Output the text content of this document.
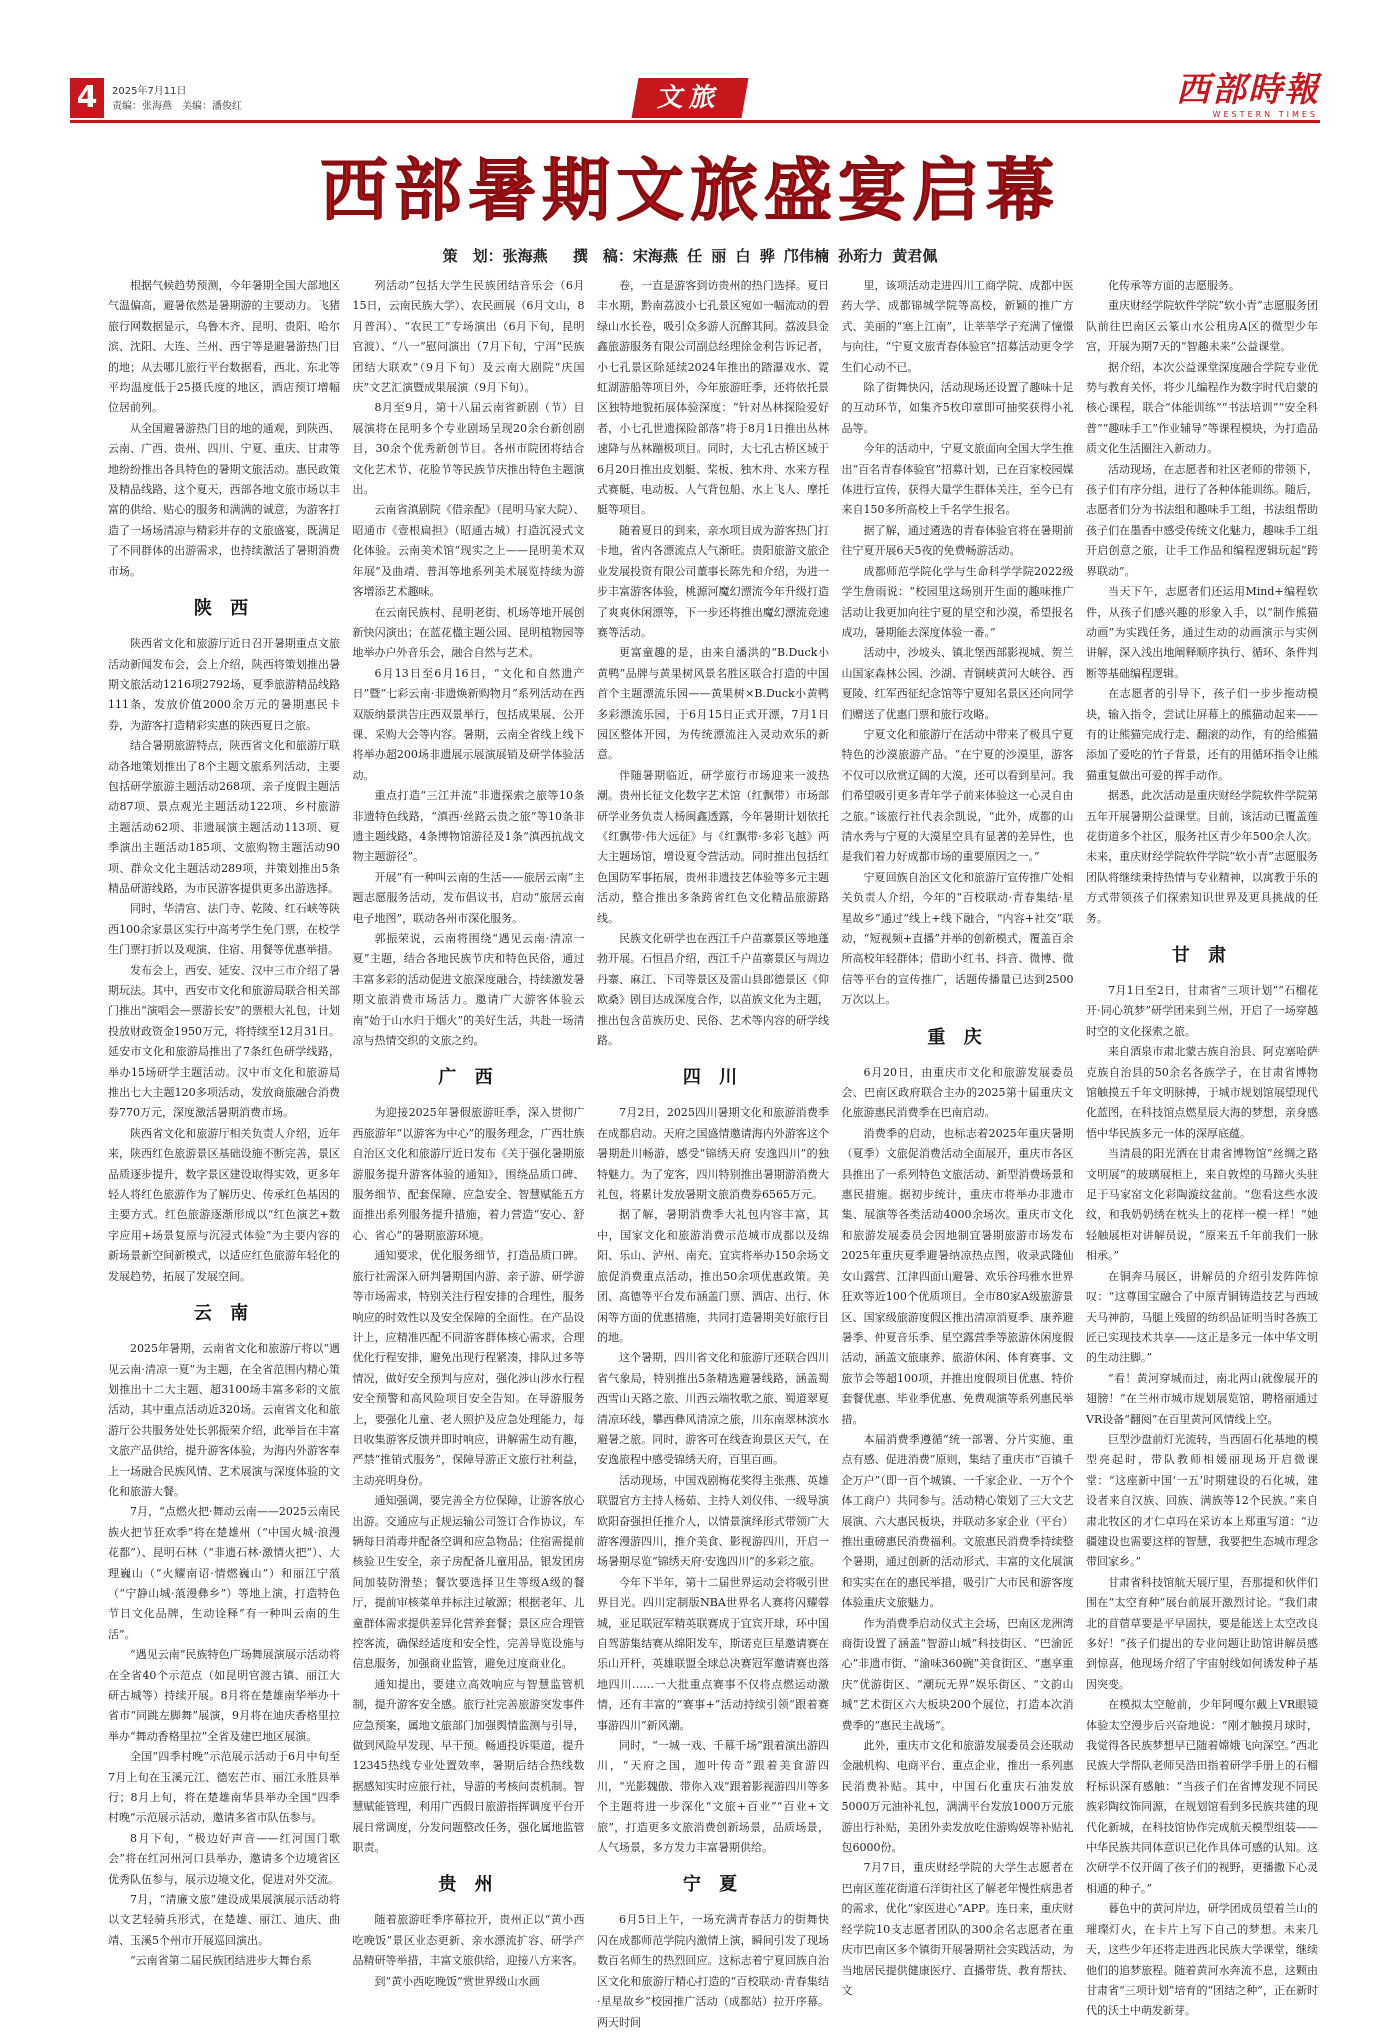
4	2025年7月11日
责编：张海燕　美编：潘俊红	文旅	西部時報
WESTERN TIMES
西部暑期文旅盛宴启幕
策　划：张海燕 撰　稿：宋海燕 任 丽 白 骅 邝伟楠 孙珩力 黄君佩

根据气候趋势预测，今年暑期全国大部地区气温偏高，避暑依然是暑期游的主要动力。飞猪旅行网数据显示，乌鲁木齐、昆明、贵阳、哈尔滨、沈阳、大连、兰州、西宁等是避暑游热门目的地；从去哪儿旅行平台数据看，西北、东北等平均温度低于25摄氏度的地区，酒店预订增幅位居前列。

从全国避暑游热门目的地的通观，到陕西、云南、广西、贵州、四川、宁夏、重庆、甘肃等地纷纷推出各具特色的暑期文旅活动。惠民政策及精品线路，这个夏天，西部各地文旅市场以丰富的供给、贴心的服务和满满的诚意，为游客打造了一场场清凉与精彩并存的文旅盛宴，既满足了不同群体的出游需求，也持续激活了暑期消费市场。

陕 西

陕西省文化和旅游厅近日召开暑期重点文旅活动新闻发布会，会上介绍，陕西将策划推出暑期文旅活动1216项2792场，夏季旅游精品线路111条，发放价值2000余万元的暑期惠民卡券，为游客打造精彩实惠的陕西夏日之旅。

结合暑期旅游特点，陕西省文化和旅游厅联动各地策划推出了8个主题文旅系列活动，主要包括研学旅游主题活动268项、亲子度假主题活动87项、景点观光主题活动122项、乡村旅游主题活动62项、非遗展演主题活动113项、夏季演出主题活动185项、文旅购物主题活动90项、群众文化主题活动289项，并策划推出5条精品研游线路，为市民游客提供更多出游选择。

同时，华清宫、法门寺、乾陵、红石峡等陕西100余家景区实行中高考学生免门票，在校学生门票打折以及观演、住宿、用餐等优惠举措。

发布会上，西安、延安、汉中三市介绍了暑期玩法。其中，西安市文化和旅游局联合相关部门推出“演唱会—票游长安”的票根大礼包，计划投放财政资金1950万元，将持续至12月31日。延安市文化和旅游局推出了7条红色研学线路，举办15场研学主题活动。汉中市文化和旅游局推出七大主题120多项活动，发放商旅融合消费券770万元，深度激活暑期消费市场。

陕西省文化和旅游厅相关负责人介绍，近年来，陕西红色旅游景区基础设施不断完善，景区品质逐步提升，数字景区建设取得实效，更多年轻人将红色旅游作为了解历史、传承红色基因的主要方式。红色旅游逐渐形成以“红色演艺+数字应用+场景复原与沉浸式体验”为主要内容的新场景新空间新模式，以适应红色旅游年轻化的发展趋势，拓展了发展空间。

云 南

2025年暑期，云南省文化和旅游厅将以“遇见云南·清凉一夏”为主题，在全省范围内精心策划推出十二大主题、超3100场丰富多彩的文旅活动，其中重点活动近320场。云南省文化和旅游厅公共服务处处长郭振荣介绍，此举旨在丰富文旅产品供给，提升游客体验，为海内外游客奉上一场融合民族风情、艺术展演与深度体验的文化和旅游大餐。

7月，“点燃火把·舞动云南——2025云南民族火把节狂欢季”将在楚雄州（“中国火城·浪漫花都”）、昆明石林（“非遗石林·激情火把”）、大理巍山（“火耀南诏·情燃巍山”）和丽江宁蒗（“宁静山城·蒗漫彝乡”）等地上演，打造特色节日文化品牌，生动诠释“有一种叫云南的生活”。

“遇见云南”民族特色广场舞展演展示活动将在全省40个示范点（如昆明官渡古镇、丽江大研古城等）持续开展。8月将在楚雄南华举办十省市“同跳左脚舞”展演，9月将在迪庆香格里拉举办“舞动香格里拉”全省及建巴地区展演。

全国“四季村晚”示范展示活动于6月中旬至7月上旬在玉溪元江、德宏芒市、丽江永胜县举行；8月上旬，将在楚雄南华县举办全国“四季村晚”示范展示活动，邀请多省市队伍参与。

8月下旬，“极边好声音——红河国门歌会”将在红河州河口县举办，邀请多个边境省区优秀队伍参与，展示边境文化，促进对外交流。

7月，“清廉文旅”建设成果展演展示活动将以文艺轻骑兵形式，在楚雄、丽江、迪庆、曲靖、玉溪5个州市开展巡回演出。

“云南省第二届民族团结进步大舞台系

列活动”包括大学生民族团结音乐会（6月15日，云南民族大学）、农民画展（6月文山，8月普洱）、“农民工”专场演出（6月下旬，昆明官渡）、“八一”慰问演出（7月下旬，宁洱“民族团结大联欢”（9月下旬）及云南大剧院“庆国庆”文艺汇演暨成果展演（9月下旬）。

8月至9月，第十八届云南省新剧（节）目展演将在昆明多个专业剧场呈现20余台新创剧目，30余个优秀新创节目。各州市院团将结合文化艺术节、花脸节等民族节庆推出特色主题演出。

云南省滇剧院《借亲配》（昆明马家大院）、昭通市《壹根扁担》（昭通古城）打造沉浸式文化体验。云南美术馆“现实之上——昆明美术双年展”及曲靖、普洱等地系列美术展览持续为游客增添艺术趣味。

在云南民族村、昆明老街、机场等地开展创新快闪演出；在蓝花楹主题公园、昆明植物园等地举办户外音乐会，融合自然与艺术。

6月13日至6月16日，“文化和自然遗产日”暨“七彩云南·非遗焕新购物月”系列活动在西双版纳景洪告庄西双景举行，包括成果展、公开课、采购大会等内容。暑期，云南全省线上线下将举办超200场非遗展示展演展销及研学体验活动。

重点打造“三江并流”非遗探索之旅等10条非遗特色线路，“滇西·丝路云贵之旅”等10条非遗主题线路，4条博物馆游径及1条“滇西抗战文物主题游径”。

开展“有一种叫云南的生活——旅居云南”主题志愿服务活动，发布倡议书，启动“旅居云南电子地图”，联动各州市深化服务。

郭振荣说，云南将围绕“遇见云南·清凉一夏”主题，结合各地民族节庆和特色民俗，通过丰富多彩的活动促进文旅深度融合，持续激发暑期文旅消费市场活力。邀请广大游客体验云南“始于山水归于烟火”的美好生活，共赴一场清凉与热情交织的文旅之约。

广 西

为迎接2025年暑假旅游旺季，深入贯彻广西旅游年“以游客为中心”的服务理念，广西壮族自治区文化和旅游厅近日发布《关于强化暑期旅游服务提升游客体验的通知》，围绕品质口碑、服务细节、配套保障、应急安全、智慧赋能五方面推出系列服务提升措施，着力营造“安心、舒心、省心”的暑期旅游环境。

通知要求，优化服务细节，打造品质口碑。旅行社需深入研判暑期国内游、亲子游、研学游等市场需求，特别关注行程安排的合理性，服务响应的时效性以及安全保障的全面性。在产品设计上，应精准匹配不同游客群体核心需求，合理优化行程安排，避免出现行程紧凑，排队过多等情况，做好安全预判与应对，强化涉山涉水行程安全预警和高风险项目安全告知。在导游服务上，要强化儿童、老人照护及应急处理能力，每日收集游客反馈并即时响应，讲解需生动有趣，严禁“推销式服务”，保障导游正文旅行社利益，主动亮明身份。

通知强调，要完善全方位保障，让游客放心出游。交通应与正规运输公司签订合作协议，车辆每日消毒并配备空调和应急物品；住宿需提前核验卫生安全，亲子房配备儿童用品，银发团房间加装防滑垫；餐饮要选择卫生等级A级的餐厅，提前审核菜单并标注过敏源；根据老年、儿童群体需求提供差异化营养套餐；景区应合理管控客流，确保经适度和安全性，完善导览设施与信息服务，加强商业监管，避免过度商业化。

通知提出，要建立高效响应与智慧监管机制，提升游客安全感。旅行社完善旅游突发事件应急预案，属地文旅部门加强舆情监测与引导，做到风险早发现、早干预。畅通投诉渠道，提升12345热线专业处置效率，暑期后结合热线数据感知实时应旅行社，导游的考核问责机制。智慧赋能管理，利用广西假日旅游指挥调度平台开展日常调度，分发问题整改任务，强化属地监管职责。

贵 州

随着旅游旺季序幕拉开，贵州正以“黄小西吃晚饭”景区业态更新、亲水漂流扩容、研学产品精研等举措，丰富文旅供给，迎接八方来客。

到“黄小西吃晚饭”赏世界级山水画

卷，一直是游客到访贵州的热门选择。夏日丰水期，黔南荔波小七孔景区宛如一幅流动的碧绿山水长卷，吸引众多游人沉醉其间。荔波县金鑫旅游服务有限公司副总经理徐金利告诉记者，小七孔景区除延续2024年推出的踏瀑戏水、霓虹湖游船等项目外，今年旅游旺季，还将依托景区独特地貌拓展体验深度：“针对丛林探险爱好者，小七孔世遗探险部落”将于8月1日推出丛林速降与丛林蹦极项目。同时，大七孔古桥区域于6月20日推出皮划艇、桨板、独木舟、水来方程式赛艇、电动板、人气背包船、水上飞人、摩托艇等项目。

随着夏日的到来，亲水项目成为游客热门打卡地，省内各漂流点人气渐旺。贵阳旅游文旅企业发展投资有限公司董事长陈先和介绍，为进一步丰富游客体验，桃源河魔幻漂流今年升级打造了爽爽休闲漂等，下一步还将推出魔幻漂流竞速赛等活动。

更富童趣的是，由来自潘洪的“B.Duck小黄鸭”品牌与黄果树风景名胜区联合打造的中国首个主题漂流乐园——黄果树×B.Duck小黄鸭多彩漂流乐园，于6月15日正式开漂，7月1日园区整体开园，为传统漂流注入灵动欢乐的新意。

伴随暑期临近，研学旅行市场迎来一波热潮。贵州长征文化数字艺术馆（红飘带）市场部研学业务负责人杨闽鑫透露，今年暑期计划依托《红飘带·伟大远征》与《红飘带·多彩飞越》两大主题场馆，增设夏令营活动。同时推出包括红色国防军事拓展，贵州非遗技艺体验等多元主题活动，整合推出多条跨省红色文化精品旅游路线。

民族文化研学也在西江千户苗寨景区等地蓬勃开展。石恒昌介绍，西江千户苗寨景区与周边丹寨、麻江、下司等景区及雷山县郎德景区《仰欧桑》剧目达成深度合作，以苗族文化为主题，推出包含苗族历史、民俗、艺术等内容的研学线路。

四 川

7月2日，2025四川暑期文化和旅游消费季在成都启动。天府之国盛情邀请海内外游客这个暑期赴川畅游，感受“锦绣天府 安逸四川”的独特魅力。为了宠客，四川特别推出暑期游消费大礼包，将累计发放暑期文旅消费券6565万元。

据了解，暑期消费季大礼包内容丰富，其中，国家文化和旅游消费示范城市成都以及绵阳、乐山、泸州、南充、宜宾将举办150余场文旅促消费重点活动，推出50余项优惠政策。美团、高德等平台发布涵盖门票、酒店、出行、休闲等方面的优惠措施，共同打造暑期美好旅行目的地。

这个暑期，四川省文化和旅游厅还联合四川省气象局，特别推出5条精选避暑线路，涵盖蜀西雪山天路之旅、川西云端牧歌之旅、蜀道翠夏清凉环线，攀西彝风清凉之旅，川东南翠林滨水避暑之旅。同时，游客可在线查询景区天气，在安逸旅程中感受锦绣天府，百里百画。

活动现场，中国戏剧梅花奖得主张燕、英雄联盟官方主持人杨茹、主持人刘仪伟、一级导演欧阳奋强担任推介人，以情景演绎形式带领广大游客漫游四川，推介美食、影视游四川，开启一场暑期尽览“锦绣天府·安逸四川”的多彩之旅。

今年下半年，第十二届世界运动会将吸引世界目光。四川定制版NBA世界名人赛将闪耀蓉城，亚足联冠军精英联赛成于宜宾开球，环中国自驾游集结赛从绵阳发车，斯诺克巨星邀请赛在乐山开杆，英雄联盟全球总决赛冠军邀请赛也落地四川……一大批重点赛事不仅将点燃运动激情，还有丰富的“赛事+”活动持续引领“跟着赛事游四川”新风潮。

同时，“一城一戏、千幕千场”跟着演出游四川，“天府之国，迦叶传奇”跟着美食游四川，“光影魏傲、带你入戏”跟着影视游四川等多个主题将进一步深化“文旅+百业”“百业+文旅”，打造更多文旅消费创新场景，品质场景，人气场景，多方发力丰富暑期供给。

宁 夏

6月5日上午，一场充满青春活力的街舞快闪在成都师范学院内激情上演，瞬间引发了现场数百名师生的热烈回应。这标志着宁夏回族自治区文化和旅游厅精心打造的“百校联动·青春集结·星星故乡”校园推广活动（成都站）拉开序幕。两天时间

里，该项活动走进四川工商学院、成都中医药大学、成都锦城学院等高校，新颖的推广方式、美丽的“塞上江南”，让莘莘学子充满了憧憬与向往，“宁夏文旅青春体验官”招募活动更令学生们心动不已。

除了街舞快闪，活动现场还设置了趣味十足的互动环节，如集齐5枚印章即可抽奖获得小礼品等。

今年的活动中，宁夏文旅面向全国大学生推出“百名青春体验官”招募计划，已在百家校园媒体进行宣传，获得大量学生群体关注，至今已有来自150多所高校上千名学生报名。

据了解，通过遴选的青春体验官将在暑期前往宁夏开展6天5夜的免费畅游活动。

成都师范学院化学与生命科学学院2022级学生詹雨说：“校园里这场别开生面的趣味推广活动让我更加向往宁夏的星空和沙漠，希望报名成功，暑期能去深度体验一番。”

活动中，沙坡头、镇北堡西部影视城、贺兰山国家森林公园、沙湖、青铜峡黄河大峡谷、西夏陵、红军西征纪念馆等宁夏知名景区还向同学们赠送了优惠门票和旅行攻略。

宁夏文化和旅游厅在活动中带来了极具宁夏特色的沙漠旅游产品。“在宁夏的沙漠里，游客不仅可以欣赏辽阔的大漠，还可以看到星河。我们希望吸引更多青年学子前来体验这一心灵自由之旅。”该旅行社代表余凯说，“此外，成都的山清水秀与宁夏的大漠星空具有显著的差异性，也是我们着力好成都市场的重要原因之一。”

宁夏回族自治区文化和旅游厅宣传推广处相关负责人介绍，今年的“百校联动·青春集结·星星故乡”通过“线上+线下融合，“内容+社交”联动，“短视频+直播”并举的创新模式，覆盖百余所高校年轻群体；借助小红书、抖音、微博、微信等平台的宣传推广，话题传播量已达到2500万次以上。

重 庆

6月20日，由重庆市文化和旅游发展委员会、巴南区政府联合主办的2025第十届重庆文化旅游惠民消费季在巴南启动。

消费季的启动，也标志着2025年重庆暑期（夏季）文旅促消费活动全面展开，重庆市各区县推出了一系列特色文旅活动、新型消费场景和惠民措施。据初步统计，重庆市将举办非遗市集、展演等各类活动4000余场次。重庆市文化和旅游发展委员会因地制宜暑期旅游市场发布2025年重庆夏季避暑纳凉热点图，收录武隆仙女山露营、江津四面山避暑、欢乐谷玛雅水世界狂欢等近100个优质项目。全市80家A级旅游景区、国家级旅游度假区推出清凉消夏季、康养避暑季、仲夏音乐季、星空露营季等旅游休闲度假活动，涵盖文旅康养、旅游休闲、体育赛事、文旅节会等超100项，并推出度假项目优惠、特价套餐优惠、毕业季优惠、免费观演等系列惠民举措。

本届消费季遵循“统一部署、分片实施、重点有感、促进消费”原则，集结了重庆市“百镇千企万户”（即一百个城镇、一千家企业、一万个个体工商户）共同参与。活动精心策划了三大文艺展演、六大惠民板块，并联动多家企业（平台）推出重磅惠民消费福利。文旅惠民消费季持续整个暑期，通过创新的活动形式、丰富的文化展演和实实在在的惠民举措，吸引广大市民和游客度体验重庆文旅魅力。

作为消费季启动仪式主会场，巴南区龙洲湾商街设置了涵盖“智游山城”科技街区、“巴渝匠心”非遗市街、“渝味360碗”美食街区、“惠享重庆”优游街区、“潮玩无界”娱乐街区、“文韵山城”艺术街区六大板块200个展位，打造本次消费季的“惠民主战场”。

此外，重庆市文化和旅游发展委员会还联动金融机构、电商平台、重点企业，推出一系列惠民消费补贴。其中，中国石化重庆石油发放5000万元油补礼包，满满平台发放1000万元旅游出行补贴，美团外卖发放吃住游购娱等补贴礼包6000份。

7月7日，重庆财经学院的大学生志愿者在巴南区莲花街道石洋街社区了解老年慢性病患者的需求，优化“家医进心”APP。连日来，重庆财经学院10支志愿者团队的300余名志愿者在重庆市巴南区多个镇街开展暑期社会实践活动，为当地居民提供健康医疗、直播带货、教育帮扶、文

化传承等方面的志愿服务。

重庆财经学院软件学院“软小青”志愿服务团队前往巴南区云篆山水公租房A区的微型少年宫，开展为期7天的“智趣未来”公益课堂。

据介绍，本次公益课堂深度融合学院专业优势与教育关怀，将少儿编程作为数字时代启蒙的核心课程，联合“体能训练”“书法培训”“安全科普”“趣味手工”作业辅导”等课程模块，为打造品质文化生活圈注入新动力。

活动现场，在志愿者和社区老师的带领下，孩子们有序分组，进行了各种体能训练。随后，志愿者们分为书法组和趣味手工组，书法组帮助孩子们在墨香中感受传统文化魅力，趣味手工组开启创意之旅，让手工作品和编程逻辑玩起“跨界联动”。

当天下午，志愿者们还运用Mind+编程软件，从孩子们感兴趣的形象入手，以“制作熊猫动画”为实践任务，通过生动的动画演示与实例讲解，深入浅出地阐释顺序执行、循环、条件判断等基础编程逻辑。

在志愿者的引导下，孩子们一步步拖动模块，输入指令，尝试让屏幕上的熊猫动起来——有的让熊猫完成行走、翻滚的动作，有的给熊猫添加了爱吃的竹子背景，还有的用循环指令让熊猫重复做出可爱的挥手动作。

据悉，此次活动是重庆财经学院软件学院第五年开展暑期公益课堂。目前，该活动已覆盖莲花街道多个社区，服务社区青少年500余人次。未来，重庆财经学院软件学院“软小青”志愿服务团队将继续秉持热情与专业精神，以寓教于乐的方式带领孩子们探索知识世界及更具挑战的任务。

甘 肃

7月1日至2日，甘肃省“三项计划”“石榴花开·同心筑梦”研学团来到兰州，开启了一场穿越时空的文化探索之旅。

来自酒泉市肃北蒙古族自治县、阿克塞哈萨克族自治县的50余名各族学子，在甘肃省博物馆触摸五千年文明脉搏，于城市规划馆展望现代化蓝图，在科技馆点燃星辰大海的梦想，亲身感悟中华民族多元一体的深厚底蕴。

当清晨的阳光洒在甘肃省博物馆“丝绸之路文明展”的玻璃展柜上，来自敦煌的马蹄火头驻足于马家窑文化彩陶漩纹盆前。“您看这些水波纹，和我奶奶绣在枕头上的花样一模一样！”她轻触展柜对讲解员说，“原来五千年前我们一脉相承。”

在铜奔马展区，讲解员的介绍引发阵阵惊叹：“这尊国宝融合了中原青铜铸造技艺与西域天马神韵，马腿上残留的纺织品证明当时各族工匠已实现技术共享——这正是多元一体中华文明的生动注脚。”

“看！黄河穿城而过，南北两山就像展开的翅膀！”在兰州市城市规划展览馆，聘格丽通过VR设备“翻阅”在百里黄河风情线上空。

巨型沙盘前灯光流转，当西固石化基地的模型亮起时，带队教师相媛丽现场开启微课堂：“这座新中国‘一五’时期建设的石化城，建设者来自汉族、回族、满族等12个民族。”来自肃北牧区的才仁卓玛在采访本上郑重写道：“边疆建设也需要这样的智慧，我要把生态城市理念带回家乡。”

甘肃省科技馆航天展厅里，吾那提和伙伴们围在“太空育种”展台前展开激烈讨论。“我们肃北的苜蓿草要是平早固扶，要是能送上太空改良多好！”孩子们提出的专业问题让助馆讲解员感到惊喜，他现场介绍了宇宙射线如何诱发种子基因突变。

在模拟太空舱前，少年阿嘎尔戴上VR眼镜体验太空漫步后兴奋地说：“刚才触摸月球时，我觉得各民族梦想早已随着嫦娥飞向深空。”西北民族大学帮队老师吴浩田指着研学手册上的石榴籽标识深有感触：“当孩子们在省博发现不同民族彩陶纹饰同源，在规划馆看到多民族共建的现代化新城，在科技馆协作完成航天模型组装——中华民族共同体意识已化作具体可感的认知。这次研学不仅开阔了孩子们的视野，更播撒下心灵相通的种子。”

暮色中的黄河岸边，研学团成员望着兰山的璀璨灯火，在卡片上写下自己的梦想。未来几天，这些少年还将走进西北民族大学课堂，继续他们的追梦旅程。随着黄河水奔流不息，这颗由甘肃省“三项计划”培育的“团结之种”，正在新时代的沃土中萌发新芽。
